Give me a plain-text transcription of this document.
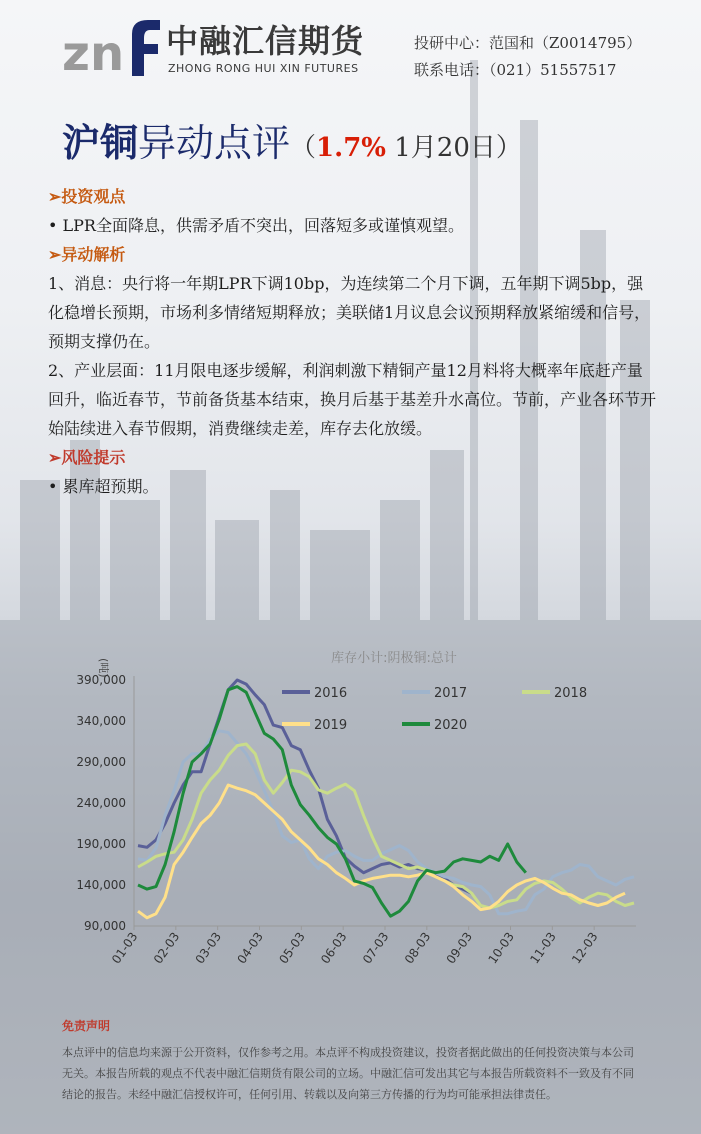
zn 中融汇信期货
ZHONG RONG HUI XIN FUTURES
投研中心：范国和（Z0014795）
联系电话：（021）51557517
沪铜异动点评（1.7% 1月20日）
➢投资观点
• LPR全面降息，供需矛盾不突出，回落短多或谨慎观望。
➢异动解析
1、消息：央行将一年期LPR下调10bp，为连续第二个月下调，五年期下调5bp，强化稳增长预期，市场利多情绪短期释放；美联储1月议息会议预期释放紧缩缓和信号，预期支撑仍在。
2、产业层面：11月限电逐步缓解，利润刺激下精铜产量12月料将大概率年底赶产量回升，临近春节，节前备货基本结束，换月后基于基差升水高位。节前，产业各环节开始陆续进入春节假期，消费继续走差，库存去化放缓。
➢风险提示
• 累库超预期。
库存小计:阴极铜:总计
(吨)
390,000
340,000
290,000
240,000
190,000
140,000
90,000
01-03 02-03 03-03 04-03 05-03 06-03 07-03 08-03 09-03 10-03 11-03 12-03
2016	2017	2018
2019	2020
免责声明
本点评中的信息均来源于公开资料，仅作参考之用。本点评不构成投资建议，投资者据此做出的任何投资决策与本公司无关。本报告所载的观点不代表中融汇信期货有限公司的立场。中融汇信可发出其它与本报告所载资料不一致及有不同结论的报告。未经中融汇信授权许可，任何引用、转载以及向第三方传播的行为均可能承担法律责任。
